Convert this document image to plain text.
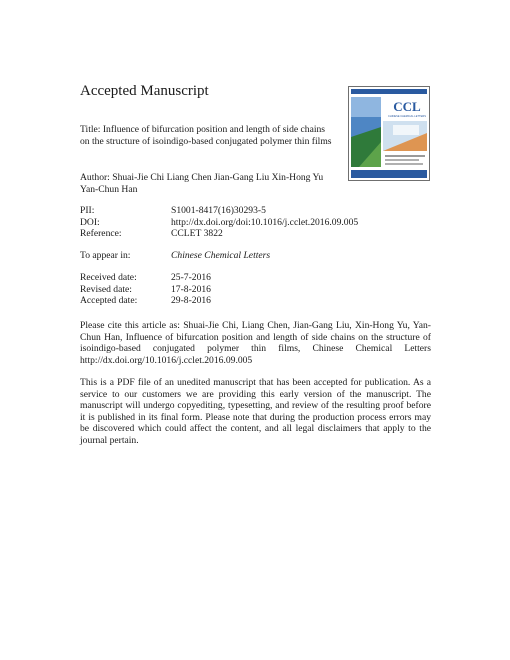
Accepted Manuscript
CCL
CHINESE CHEMICAL LETTERS
Title: Influence of bifurcation position and length of side chains on the structure of isoindigo-based conjugated polymer thin films
Author: Shuai-Jie Chi Liang Chen Jian-Gang Liu Xin-Hong Yu Yan-Chun Han
PII:	S1001-8417(16)30293-5
DOI:	http://dx.doi.org/doi:10.1016/j.cclet.2016.09.005
Reference:	CCLET 3822
To appear in:	Chinese Chemical Letters
Received date:	25-7-2016
Revised date:	17-8-2016
Accepted date:	29-8-2016
Please cite this article as: Shuai-Jie Chi, Liang Chen, Jian-Gang Liu, Xin-Hong Yu, Yan-Chun Han, Influence of bifurcation position and length of side chains on the structure of isoindigo-based conjugated polymer thin films, Chinese Chemical Letters http://dx.doi.org/10.1016/j.cclet.2016.09.005
This is a PDF file of an unedited manuscript that has been accepted for publication. As a service to our customers we are providing this early version of the manuscript. The manuscript will undergo copyediting, typesetting, and review of the resulting proof before it is published in its final form. Please note that during the production process errors may be discovered which could affect the content, and all legal disclaimers that apply to the journal pertain.
